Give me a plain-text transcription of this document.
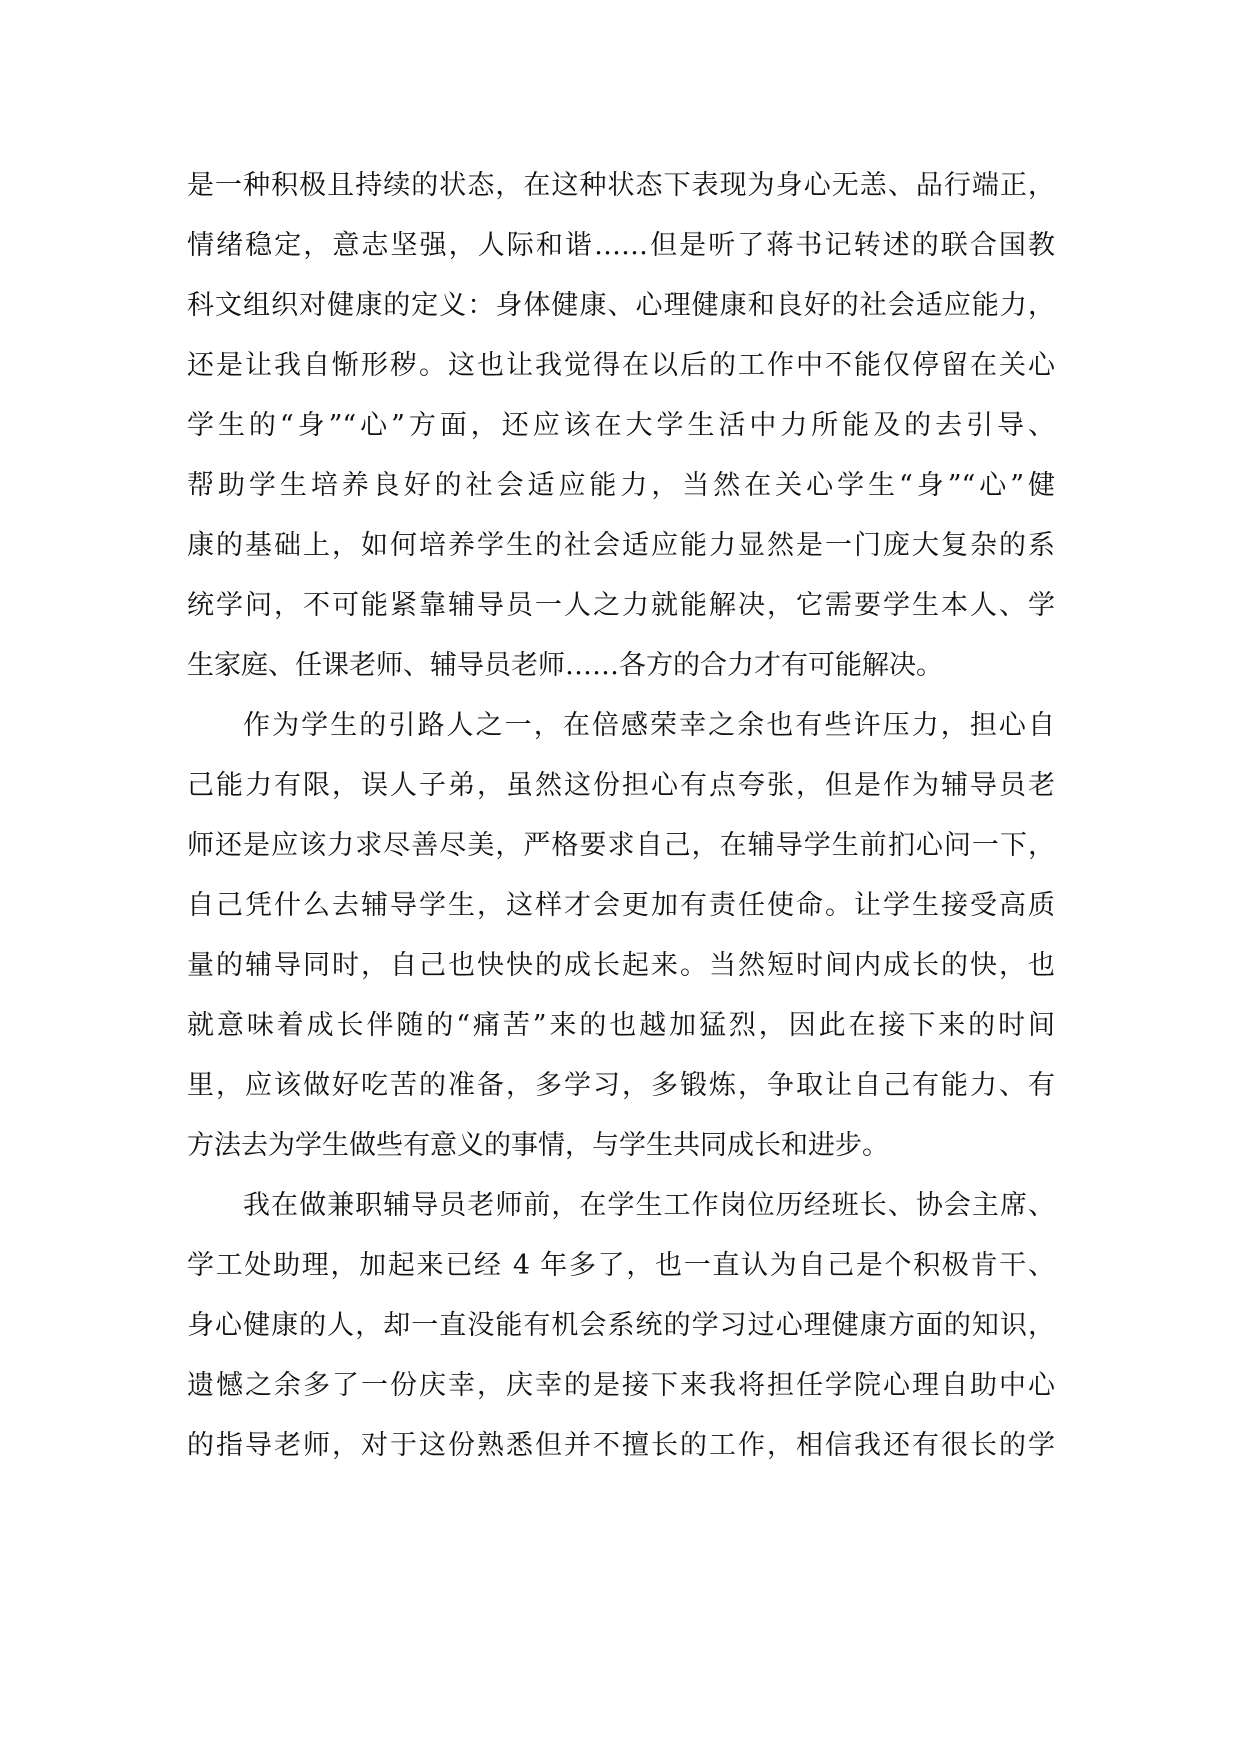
是一种积极且持续的状态，在这种状态下表现为身心无恙、品行端正，
情绪稳定，意志坚强，人际和谐……但是听了蒋书记转述的联合国教
科文组织对健康的定义：身体健康、心理健康和良好的社会适应能力，
还是让我自惭形秽。这也让我觉得在以后的工作中不能仅停留在关心
学生的“身”“心”方面，还应该在大学生活中力所能及的去引导、
帮助学生培养良好的社会适应能力，当然在关心学生“身”“心”健
康的基础上，如何培养学生的社会适应能力显然是一门庞大复杂的系
统学问，不可能紧靠辅导员一人之力就能解决，它需要学生本人、学
生家庭、任课老师、辅导员老师……各方的合力才有可能解决。
作为学生的引路人之一，在倍感荣幸之余也有些许压力，担心自
己能力有限，误人子弟，虽然这份担心有点夸张，但是作为辅导员老
师还是应该力求尽善尽美，严格要求自己，在辅导学生前扪心问一下，
自己凭什么去辅导学生，这样才会更加有责任使命。让学生接受高质
量的辅导同时，自己也快快的成长起来。当然短时间内成长的快，也
就意味着成长伴随的“痛苦”来的也越加猛烈，因此在接下来的时间
里，应该做好吃苦的准备，多学习，多锻炼，争取让自己有能力、有
方法去为学生做些有意义的事情，与学生共同成长和进步。
我在做兼职辅导员老师前，在学生工作岗位历经班长、协会主席、
学工处助理，加起来已经 4 年多了，也一直认为自己是个积极肯干、
身心健康的人，却一直没能有机会系统的学习过心理健康方面的知识，
遗憾之余多了一份庆幸，庆幸的是接下来我将担任学院心理自助中心
的指导老师，对于这份熟悉但并不擅长的工作，相信我还有很长的学
